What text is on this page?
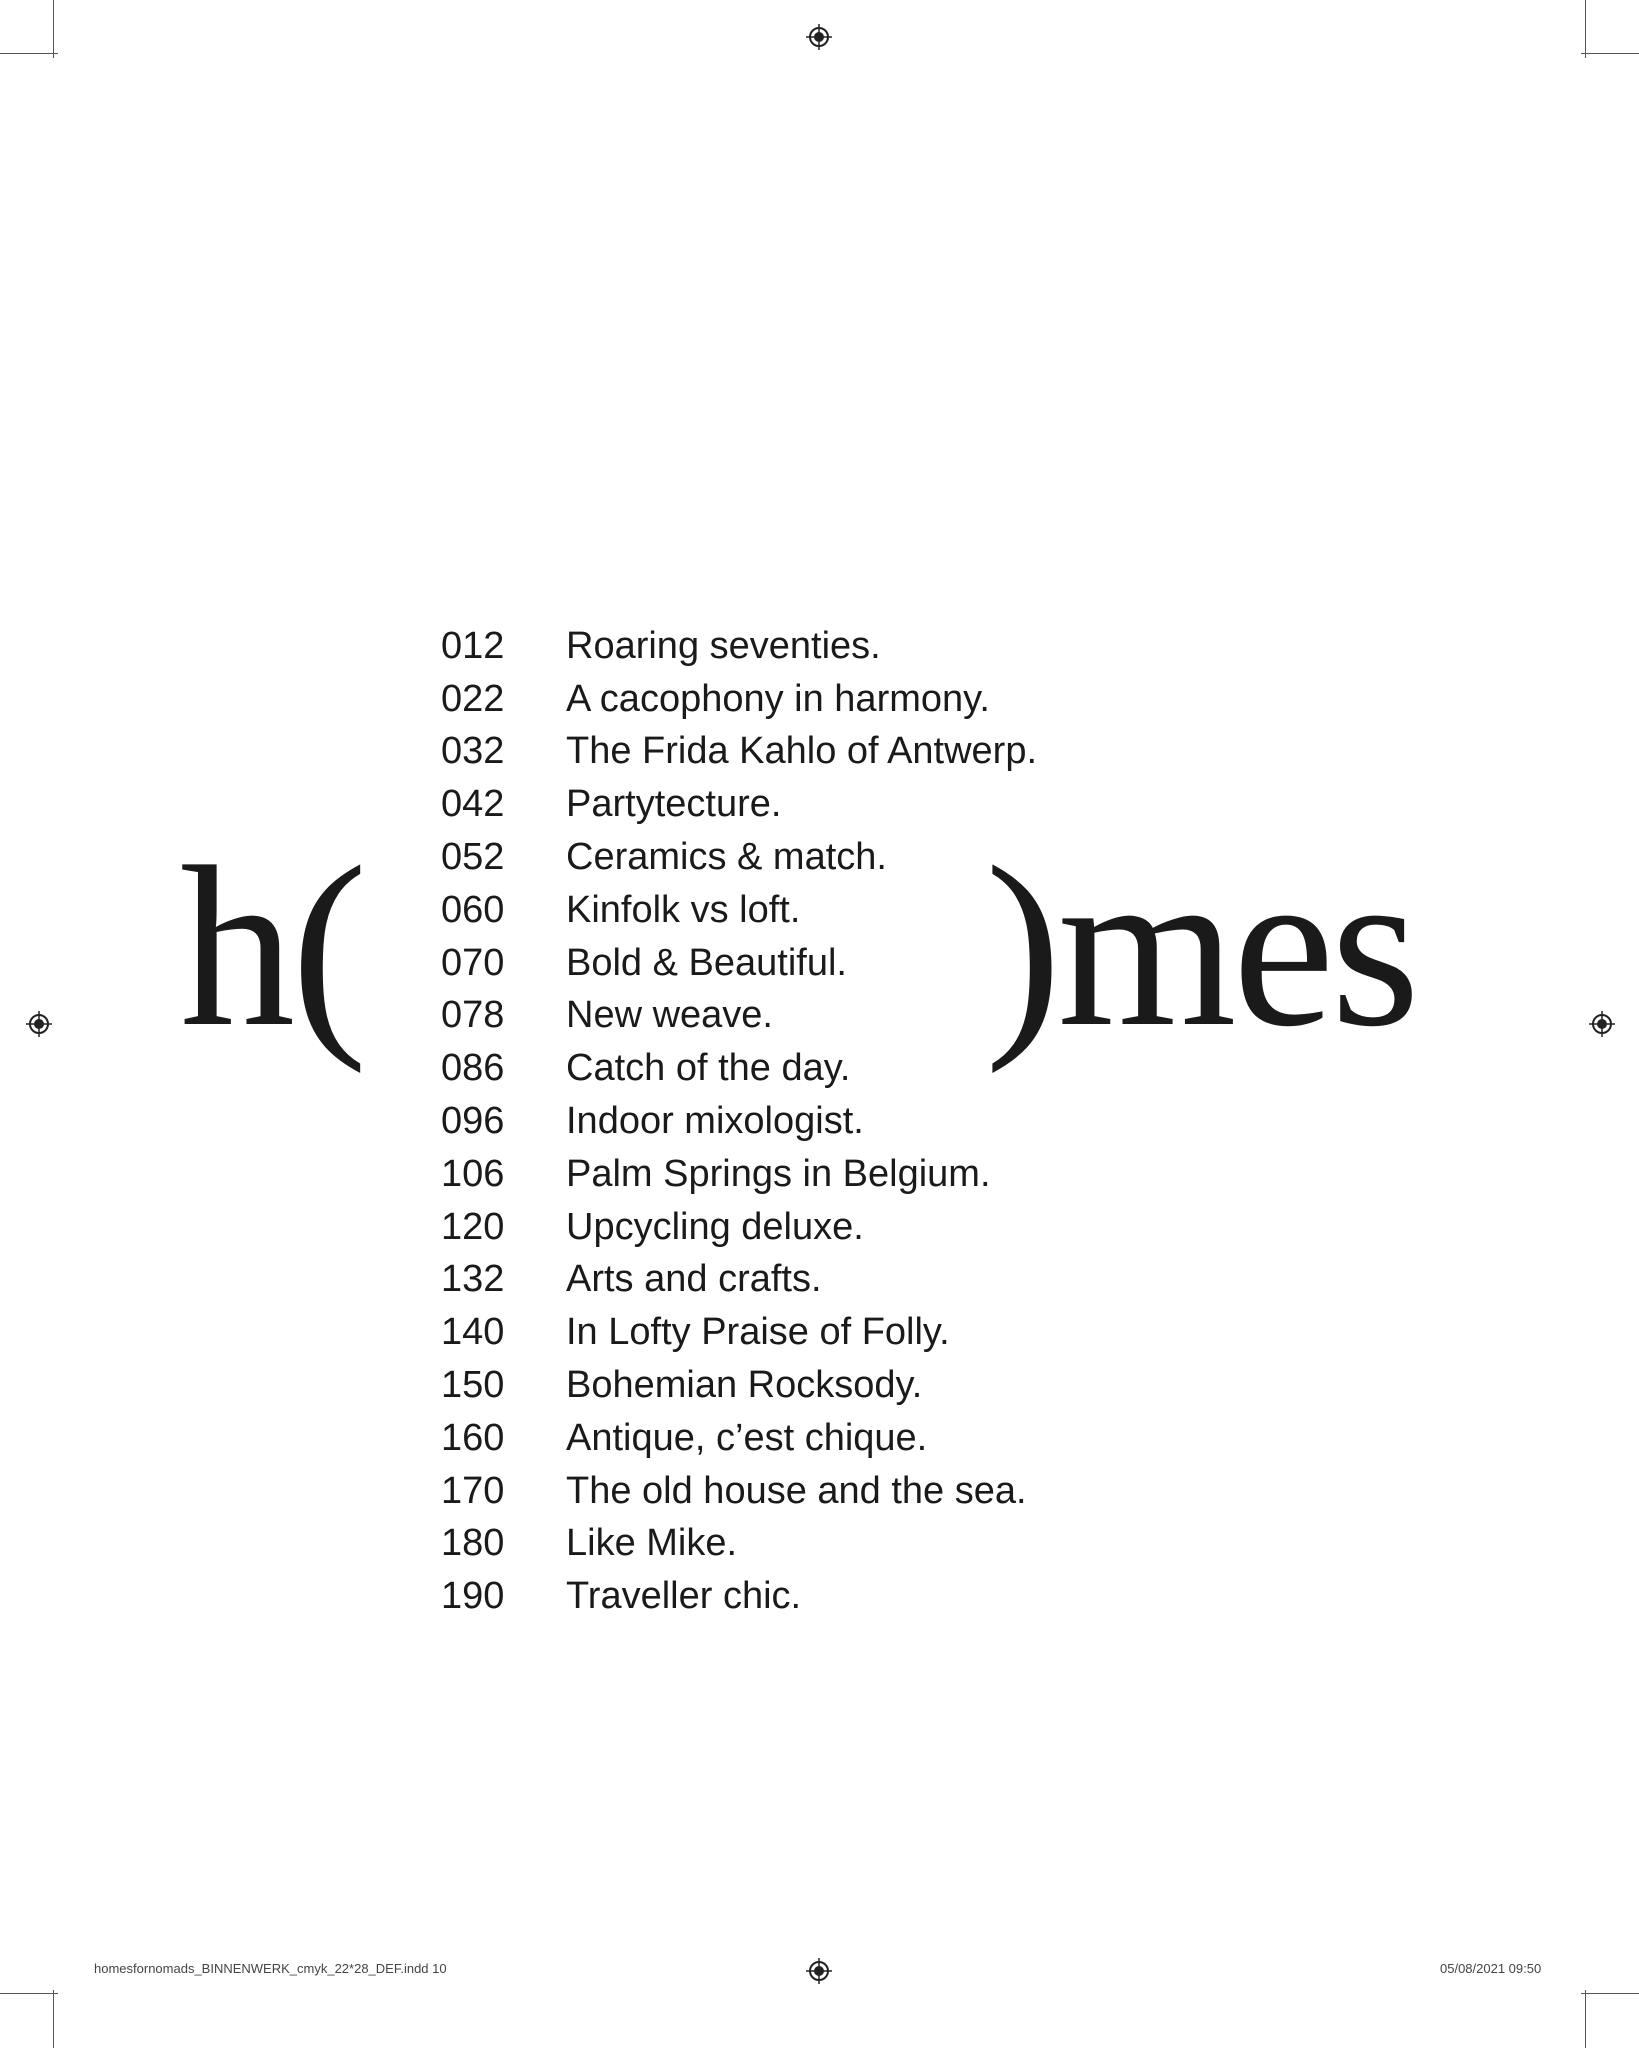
h(	)mes
012	Roaring seventies.
022	A cacophony in harmony.
032	The Frida Kahlo of Antwerp.
042	Partytecture.
052	Ceramics & match.
060	Kinfolk vs loft.
070	Bold & Beautiful.
078	New weave.
086	Catch of the day.
096	Indoor mixologist.
106	Palm Springs in Belgium.
120	Upcycling deluxe.
132	Arts and crafts.
140	In Lofty Praise of Folly.
150	Bohemian Rocksody.
160	Antique, c’est chique.
170	The old house and the sea.
180	Like Mike.
190	Traveller chic.
homesfornomads_BINNENWERK_cmyk_22*28_DEF.indd 10	05/08/2021 09:50
